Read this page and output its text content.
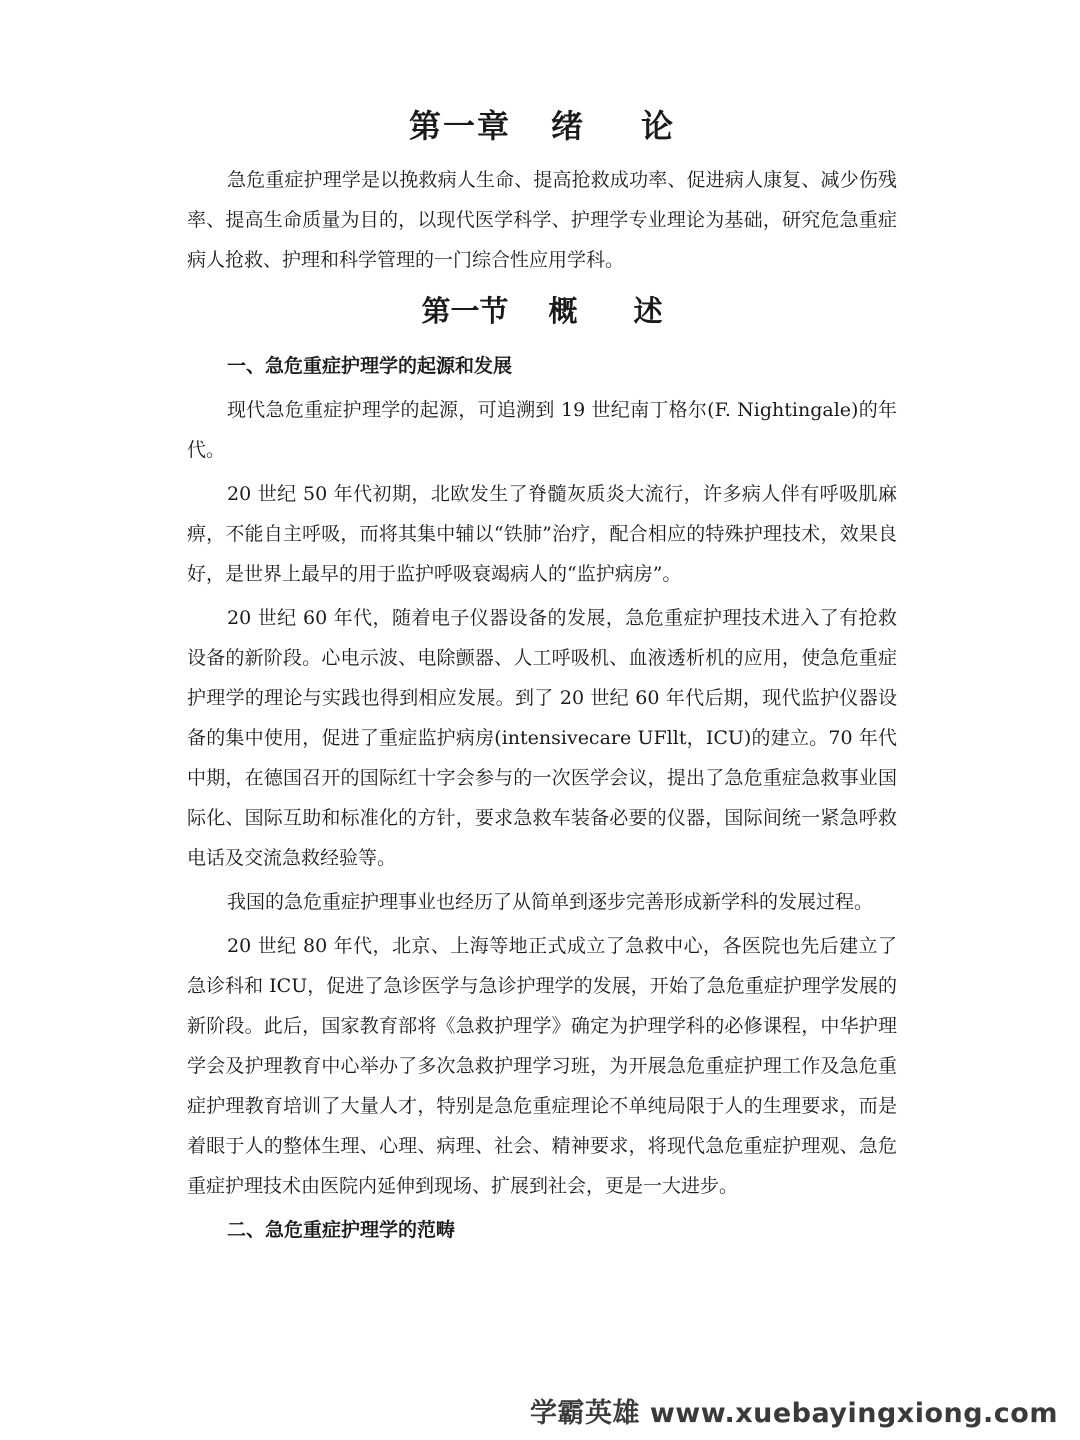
第一章 绪 论

急危重症护理学是以挽救病人生命、提高抢救成功率、促进病人康复、减少伤残率、提高生命质量为目的，以现代医学科学、护理学专业理论为基础，研究危急重症病人抢救、护理和科学管理的一门综合性应用学科。

第一节 概 述
一、急危重症护理学的起源和发展

现代急危重症护理学的起源，可追溯到 19 世纪南丁格尔(F. Nightingale)的年代。

20 世纪 50 年代初期，北欧发生了脊髓灰质炎大流行，许多病人伴有呼吸肌麻痹，不能自主呼吸，而将其集中辅以“铁肺”治疗，配合相应的特殊护理技术，效果良好，是世界上最早的用于监护呼吸衰竭病人的“监护病房”。

20 世纪 60 年代，随着电子仪器设备的发展，急危重症护理技术进入了有抢救设备的新阶段。心电示波、电除颤器、人工呼吸机、血液透析机的应用，使急危重症护理学的理论与实践也得到相应发展。到了 20 世纪 60 年代后期，现代监护仪器设备的集中使用，促进了重症监护病房(intensivecare UFllt，ICU)的建立。70 年代中期，在德国召开的国际红十字会参与的一次医学会议，提出了急危重症急救事业国际化、国际互助和标准化的方针，要求急救车装备必要的仪器，国际间统一紧急呼救电话及交流急救经验等。

我国的急危重症护理事业也经历了从简单到逐步完善形成新学科的发展过程。

20 世纪 80 年代，北京、上海等地正式成立了急救中心，各医院也先后建立了急诊科和 ICU，促进了急诊医学与急诊护理学的发展，开始了急危重症护理学发展的新阶段。此后，国家教育部将《急救护理学》确定为护理学科的必修课程，中华护理学会及护理教育中心举办了多次急救护理学习班，为开展急危重症护理工作及急危重症护理教育培训了大量人才，特别是急危重症理论不单纯局限于人的生理要求，而是着眼于人的整体生理、心理、病理、社会、精神要求，将现代急危重症护理观、急危重症护理技术由医院内延伸到现场、扩展到社会，更是一大进步。

二、急危重症护理学的范畴
学霸英雄 www.xuebayingxiong.com
